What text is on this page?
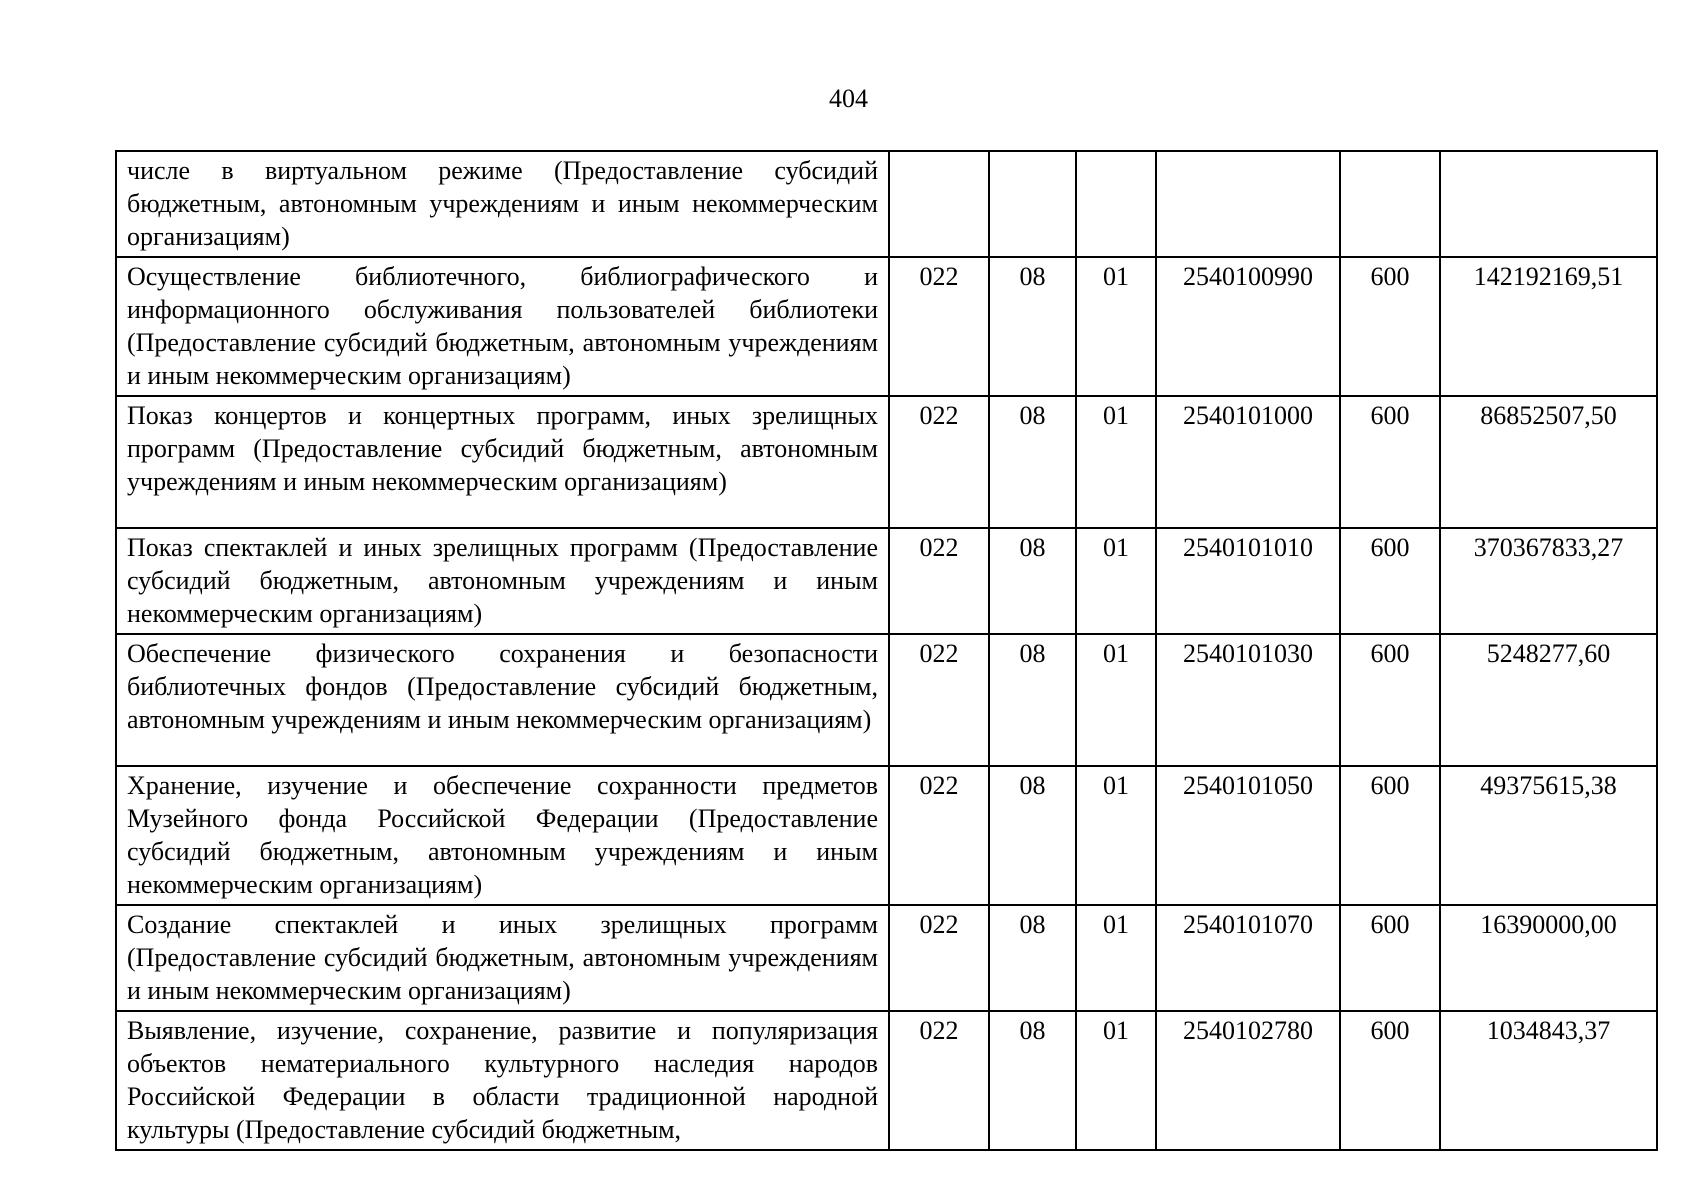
404
числе в виртуальном режиме (Предоставление субсидий бюджетным, автономным учреждениям и иным некоммерческим организациям)						
Осуществление библиотечного, библиографического и информационного обслуживания пользователей библиотеки (Предоставление субсидий бюджетным, автономным учреждениям и иным некоммерческим организациям)	022	08	01	2540100990	600	142192169,51
Показ концертов и концертных программ, иных зрелищных программ (Предоставление субсидий бюджетным, автономным учреждениям и иным некоммерческим организациям)	022	08	01	2540101000	600	86852507,50
Показ спектаклей и иных зрелищных программ (Предоставление субсидий бюджетным, автономным учреждениям и иным некоммерческим организациям)	022	08	01	2540101010	600	370367833,27
Обеспечение физического сохранения и безопасности библиотечных фондов (Предоставление субсидий бюджетным, автономным учреждениям и иным некоммерческим организациям)	022	08	01	2540101030	600	5248277,60
Хранение, изучение и обеспечение сохранности предметов Музейного фонда Российской Федерации (Предоставление субсидий бюджетным, автономным учреждениям и иным некоммерческим организациям)	022	08	01	2540101050	600	49375615,38
Создание спектаклей и иных зрелищных программ (Предоставление субсидий бюджетным, автономным учреждениям и иным некоммерческим организациям)	022	08	01	2540101070	600	16390000,00
Выявление, изучение, сохранение, развитие и популяризация объектов нематериального культурного наследия народов Российской Федерации в области традиционной народной культуры (Предоставление субсидий бюджетным,	022	08	01	2540102780	600	1034843,37
